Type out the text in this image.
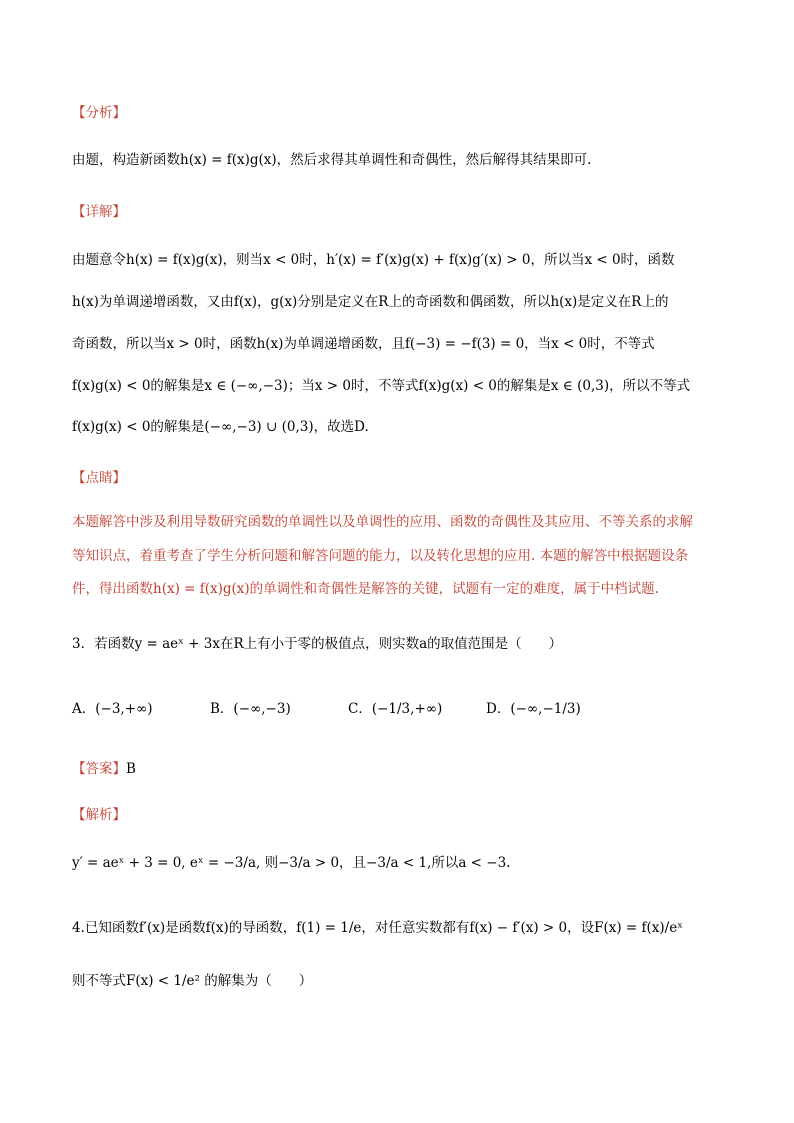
【分析】
由题，构造新函数h(x) = f(x)g(x)，然后求得其单调性和奇偶性，然后解得其结果即可.
【详解】
由题意令h(x) = f(x)g(x)，则当x < 0时，h′(x) = f′(x)g(x) + f(x)g′(x) > 0，所以当x < 0时，函数
h(x)为单调递增函数，又由f(x)，g(x)分别是定义在R上的奇函数和偶函数，所以h(x)是定义在R上的
奇函数，所以当x > 0时，函数h(x)为单调递增函数，且f(−3) = −f(3) = 0，当x < 0时，不等式
f(x)g(x) < 0的解集是x ∈ (−∞,−3)；当x > 0时，不等式f(x)g(x) < 0的解集是x ∈ (0,3)，所以不等式
f(x)g(x) < 0的解集是(−∞,−3) ∪ (0,3)，故选D.
【点睛】
本题解答中涉及利用导数研究函数的单调性以及单调性的应用、函数的奇偶性及其应用、不等关系的求解
等知识点，着重考查了学生分析问题和解答问题的能力，以及转化思想的应用. 本题的解答中根据题设条
件，得出函数h(x) = f(x)g(x)的单调性和奇偶性是解答的关键，试题有一定的难度，属于中档试题.
3．若函数y = aeˣ + 3x在R上有小于零的极值点，则实数a的取值范围是（　　）
A．(−3,+∞)	B．(−∞,−3)	C．(−1/3,+∞)	D．(−∞,−1/3)
【答案】B
【解析】
y′ = aeˣ + 3 = 0, eˣ = −3/a, 则−3/a > 0，且−3/a < 1,所以a < −3.
4.已知函数f′(x)是函数f(x)的导函数，f(1) = 1/e，对任意实数都有f(x) − f′(x) > 0，设F(x) = f(x)/eˣ
则不等式F(x) < 1/e² 的解集为（　　）
